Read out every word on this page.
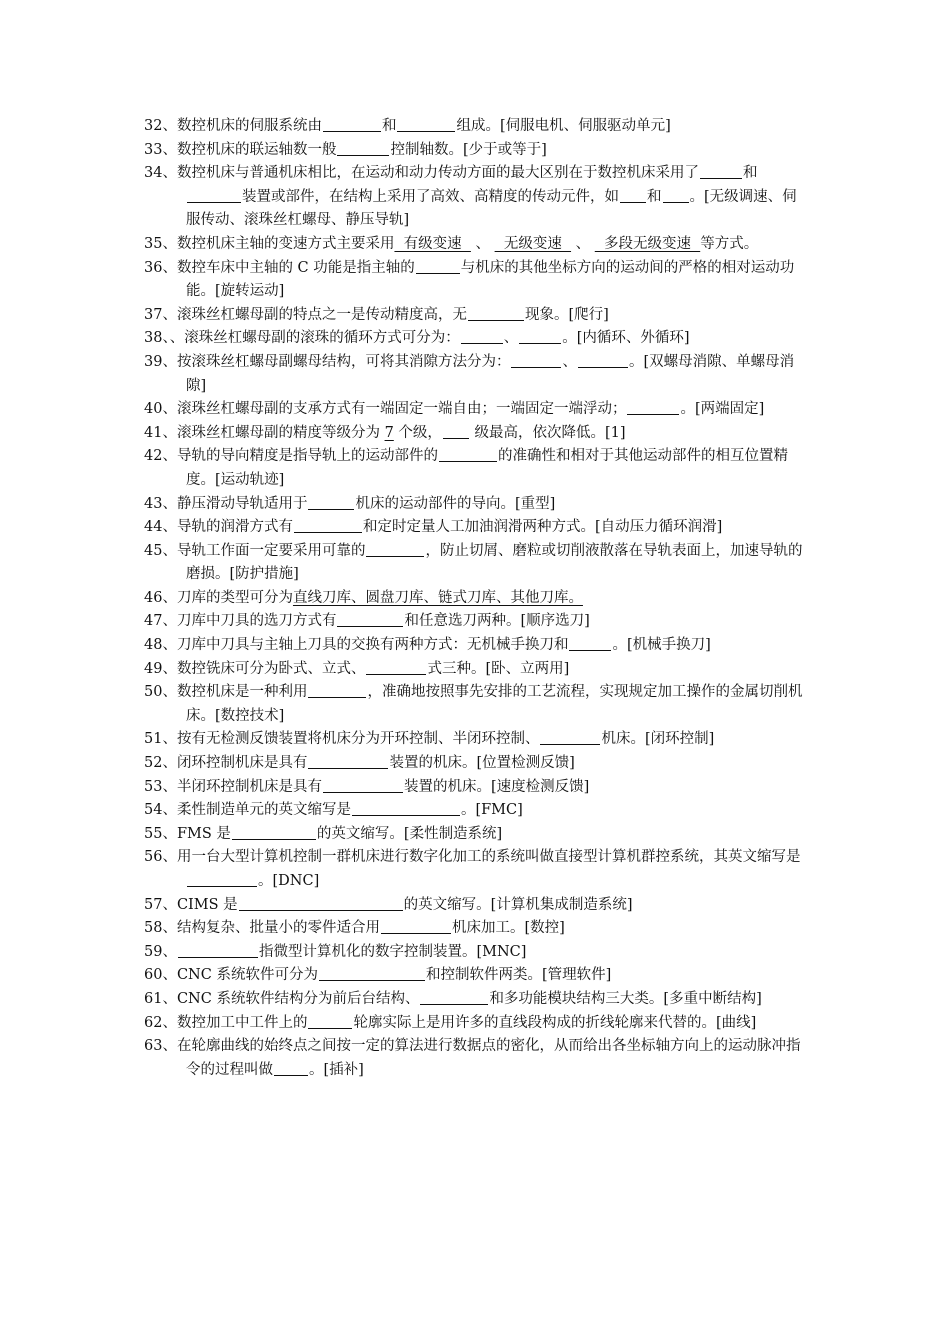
32、数控机床的伺服系统由	和	组成。[伺服电机、伺服驱动单元]

33、数控机床的联运轴数一般	控制轴数。[少于或等于]

34、数控机床与普通机床相比，在运动和动力传动方面的最大区别在于数控机床采用了	和装置或部件，在结构上采用了高效、高精度的传动元件，如 和 。[无级调速、伺服传动、滚珠丝杠螺母、静压导轨]

35、数控机床主轴的变速方式主要采用  有级变速   、   无级变速   、   多段无级变速  等方式。

36、数控车床中主轴的 C 功能是指主轴的	与机床的其他坐标方向的运动间的严格的相对运动功能。[旋转运动]

37、滚珠丝杠螺母副的特点之一是传动精度高，无	现象。[爬行]

38、、滚珠丝杠螺母副的滚珠的循环方式可分为：	、	。[内循环、外循环]

39、按滚珠丝杠螺母副螺母结构，可将其消隙方法分为：	、	。[双螺母消隙、单螺母消隙]

40、滚珠丝杠螺母副的支承方式有一端固定一端自由；一端固定一端浮动；	。[两端固定]

41、滚珠丝杠螺母副的精度等级分为 7 个级， 级最高，依次降低。[1]

42、导轨的导向精度是指导轨上的运动部件的	的准确性和相对于其他运动部件的相互位置精度。[运动轨迹]

43、静压滑动导轨适用于	机床的运动部件的导向。[重型]

44、导轨的润滑方式有	和定时定量人工加油润滑两种方式。[自动压力循环润滑]

45、导轨工作面一定要采用可靠的	，防止切屑、磨粒或切削液散落在导轨表面上，加速导轨的磨损。[防护措施]

46、刀库的类型可分为直线刀库、圆盘刀库、链式刀库、其他刀库。

47、刀库中刀具的选刀方式有	和任意选刀两种。[顺序选刀]

48、刀库中刀具与主轴上刀具的交换有两种方式：无机械手换刀和	。[机械手换刀]

49、数控铣床可分为卧式、立式、	式三种。[卧、立两用]

50、数控机床是一种利用	，准确地按照事先安排的工艺流程，实现规定加工操作的金属切削机床。[数控技术]

51、按有无检测反馈装置将机床分为开环控制、半闭环控制、	机床。[闭环控制]

52、闭环控制机床是具有	装置的机床。[位置检测反馈]

53、半闭环控制机床是具有	装置的机床。[速度检测反馈]

54、柔性制造单元的英文缩写是	。[FMC]

55、FMS 是	的英文缩写。[柔性制造系统]

56、用一台大型计算机控制一群机床进行数字化加工的系统叫做直接型计算机群控系统，其英文缩写是。[DNC]

57、CIMS 是	的英文缩写。[计算机集成制造系统]

58、结构复杂、批量小的零件适合用	机床加工。[数控]

59、	指微型计算机化的数字控制装置。[MNC]

60、CNC 系统软件可分为	和控制软件两类。[管理软件]

61、CNC 系统软件结构分为前后台结构、	和多功能模块结构三大类。[多重中断结构]

62、数控加工中工件上的	轮廓实际上是用许多的直线段构成的折线轮廓来代替的。[曲线]

63、在轮廓曲线的始终点之间按一定的算法进行数据点的密化，从而给出各坐标轴方向上的运动脉冲指令的过程叫做 。[插补]
